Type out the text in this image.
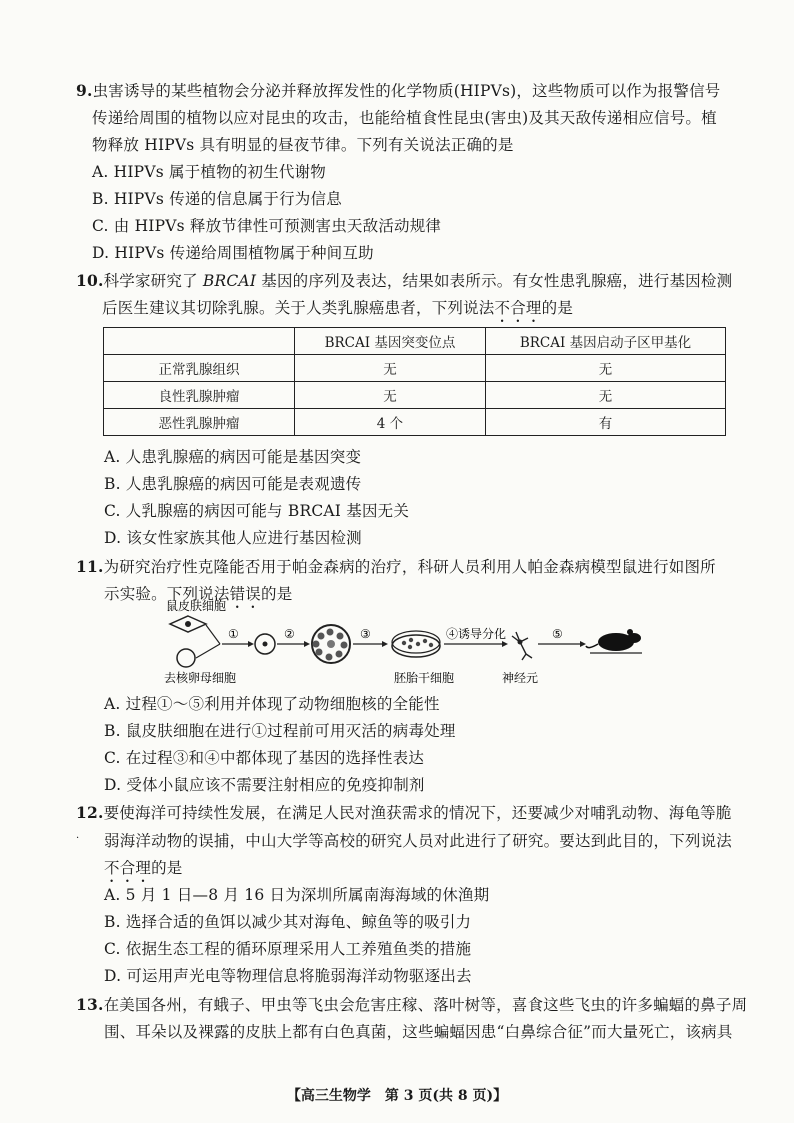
9.虫害诱导的某些植物会分泌并释放挥发性的化学物质(HIPVs)，这些物质可以作为报警信号
传递给周围的植物以应对昆虫的攻击，也能给植食性昆虫(害虫)及其天敌传递相应信号。植
物释放 HIPVs 具有明显的昼夜节律。下列有关说法正确的是
A. HIPVs 属于植物的初生代谢物
B. HIPVs 传递的信息属于行为信息
C. 由 HIPVs 释放节律性可预测害虫天敌活动规律
D. HIPVs 传递给周围植物属于种间互助
10.科学家研究了 BRCAI 基因的序列及表达，结果如表所示。有女性患乳腺癌，进行基因检测
后医生建议其切除乳腺。关于人类乳腺癌患者，下列说法不合理的是
	BRCAI 基因突变位点	BRCAI 基因启动子区甲基化
正常乳腺组织	无	无
良性乳腺肿瘤	无	无
恶性乳腺肿瘤	4 个	有
A. 人患乳腺癌的病因可能是基因突变
B. 人患乳腺癌的病因可能是表观遗传
C. 人乳腺癌的病因可能与 BRCAI 基因无关
D. 该女性家族其他人应进行基因检测
11.为研究治疗性克隆能否用于帕金森病的治疗，科研人员利用人帕金森病模型鼠进行如图所
示实验。下列说法错误的是
鼠皮肤细胞
去核卵母细胞
①	②	③
胚胎干细胞
④诱导分化
神经元
⑤
A. 过程①～⑤利用并体现了动物细胞核的全能性
B. 鼠皮肤细胞在进行①过程前可用灭活的病毒处理
C. 在过程③和④中都体现了基因的选择性表达
D. 受体小鼠应该不需要注射相应的免疫抑制剂
12.要使海洋可持续性发展，在满足人民对渔获需求的情况下，还要减少对哺乳动物、海龟等脆
· 弱海洋动物的误捕，中山大学等高校的研究人员对此进行了研究。要达到此目的，下列说法
不合理的是
A. 5 月 1 日—8 月 16 日为深圳所属南海海域的休渔期
B. 选择合适的鱼饵以减少其对海龟、鲸鱼等的吸引力
C. 依据生态工程的循环原理采用人工养殖鱼类的措施
D. 可运用声光电等物理信息将脆弱海洋动物驱逐出去
13.在美国各州，有蛾子、甲虫等飞虫会危害庄稼、落叶树等，喜食这些飞虫的许多蝙蝠的鼻子周
围、耳朵以及裸露的皮肤上都有白色真菌，这些蝙蝠因患“白鼻综合征”而大量死亡，该病具
【高三生物学　第 3 页(共 8 页)】
